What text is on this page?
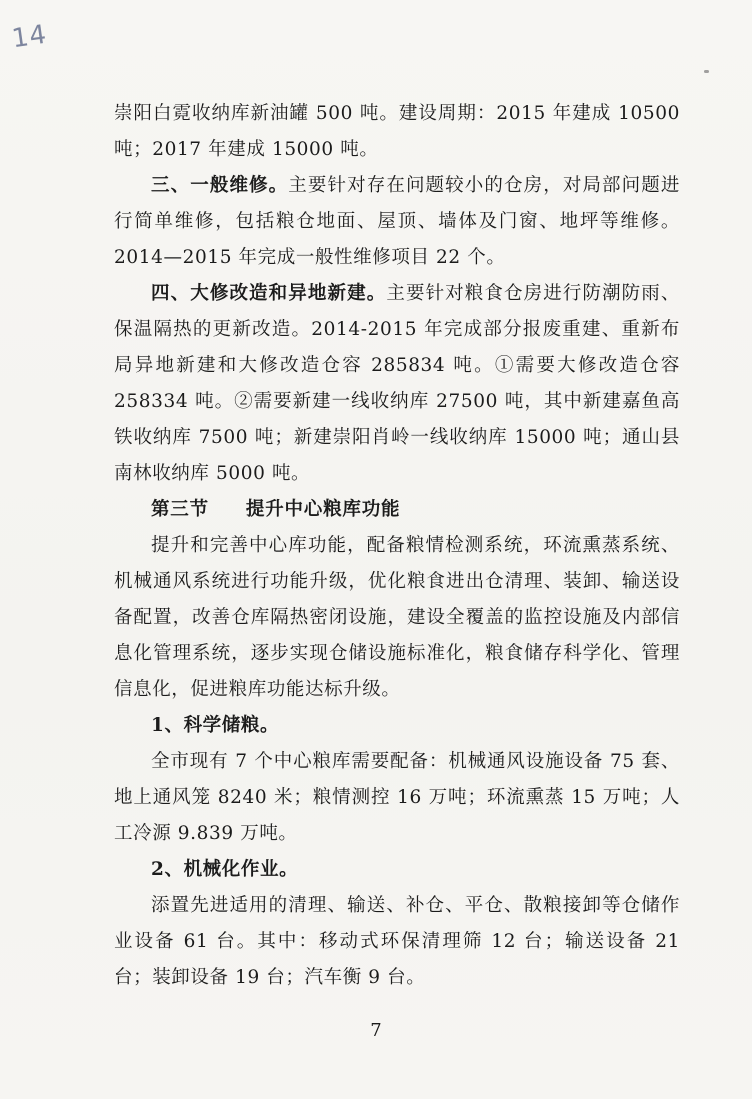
14

崇阳白霓收纳库新油罐 500 吨。建设周期：2015 年建成 10500 吨；2017 年建成 15000 吨。

三、一般维修。主要针对存在问题较小的仓房，对局部问题进行简单维修，包括粮仓地面、屋顶、墙体及门窗、地坪等维修。2014—2015 年完成一般性维修项目 22 个。

四、大修改造和异地新建。主要针对粮食仓房进行防潮防雨、保温隔热的更新改造。2014-2015 年完成部分报废重建、重新布局异地新建和大修改造仓容 285834 吨。①需要大修改造仓容 258334 吨。②需要新建一线收纳库 27500 吨，其中新建嘉鱼高铁收纳库 7500 吨；新建崇阳肖岭一线收纳库 15000 吨；通山县南林收纳库 5000 吨。

第三节 提升中心粮库功能

提升和完善中心库功能，配备粮情检测系统，环流熏蒸系统、机械通风系统进行功能升级，优化粮食进出仓清理、装卸、输送设备配置，改善仓库隔热密闭设施，建设全覆盖的监控设施及内部信息化管理系统，逐步实现仓储设施标准化，粮食储存科学化、管理信息化，促进粮库功能达标升级。

1、科学储粮。

全市现有 7 个中心粮库需要配备：机械通风设施设备 75 套、地上通风笼 8240 米；粮情测控 16 万吨；环流熏蒸 15 万吨；人工冷源 9.839 万吨。

2、机械化作业。

添置先进适用的清理、输送、补仓、平仓、散粮接卸等仓储作业设备 61 台。其中：移动式环保清理筛 12 台；输送设备 21 台；装卸设备 19 台；汽车衡 9 台。

7
